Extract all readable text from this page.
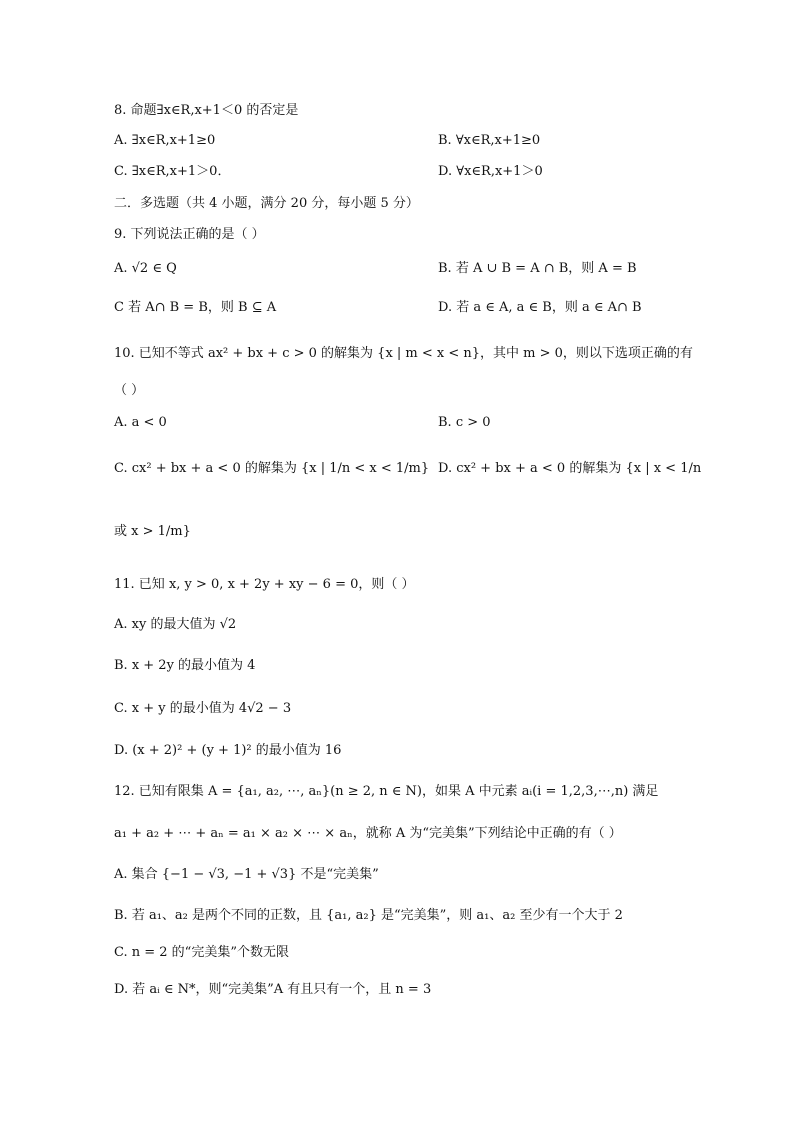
8. 命题∃x∈R,x+1＜0 的否定是
A. ∃x∈R,x+1≥0	B. ∀x∈R,x+1≥0
C. ∃x∈R,x+1＞0．	D. ∀x∈R,x+1＞0
二．多选题（共 4 小题，满分 20 分，每小题 5 分）
9. 下列说法正确的是（ ）
A. √2 ∈ Q	B. 若 A ∪ B = A ∩ B，则 A = B
C 若 A∩ B = B，则 B ⊆ A	D. 若 a ∈ A, a ∈ B，则 a ∈ A∩ B
10. 已知不等式 ax² + bx + c > 0 的解集为 {x | m < x < n}，其中 m > 0，则以下选项正确的有
（ ）
A. a < 0	B. c > 0
C. cx² + bx + a < 0 的解集为 {x | 1/n < x < 1/m} D. cx² + bx + a < 0 的解集为 {x | x < 1/n
或 x > 1/m}
11. 已知 x, y > 0, x + 2y + xy − 6 = 0，则（ ）
A. xy 的最大值为 √2
B. x + 2y 的最小值为 4
C. x + y 的最小值为 4√2 − 3
D. (x + 2)² + (y + 1)² 的最小值为 16
12. 已知有限集 A = {a₁, a₂, ⋯, aₙ}(n ≥ 2, n ∈ N)，如果 A 中元素 aᵢ(i = 1,2,3,⋯,n) 满足
a₁ + a₂ + ⋯ + aₙ = a₁ × a₂ × ⋯ × aₙ，就称 A 为“完美集”下列结论中正确的有（ ）
A. 集合 {−1 − √3, −1 + √3} 不是“完美集”
B. 若 a₁、a₂ 是两个不同的正数，且 {a₁, a₂} 是“完美集”，则 a₁、a₂ 至少有一个大于 2
C. n = 2 的“完美集”个数无限
D. 若 aᵢ ∈ N*，则“完美集”A 有且只有一个，且 n = 3
